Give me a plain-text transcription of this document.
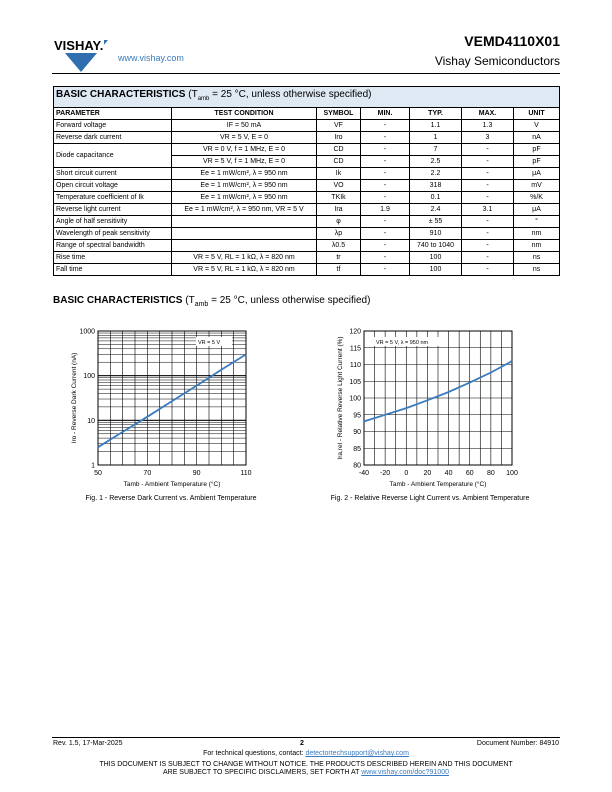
VISHAY.
www.vishay.com
VEMD4110X01
Vishay Semiconductors
BASIC CHARACTERISTICS ($T_{amb} = 25$ °C, unless otherwise specified)						
PARAMETER	TEST CONDITION	SYMBOL	MIN.	TYP.	MAX.	UNIT
Forward voltage	IF = 50 mA	VF	-	1.1	1.3	V
Reverse dark current	VR = 5 V, E = 0	Iro	-	1	3	nA
Diode capacitance	VR = 0 V, f = 1 MHz, E = 0	CD	-	7	-	pF
	VR = 5 V, f = 1 MHz, E = 0	CD	-	2.5	-	pF
Short circuit current	Ee = 1 mW/cm², λ = 950 nm	Ik	-	2.2	-	μA
Open circuit voltage	Ee = 1 mW/cm², λ = 950 nm	VO	-	318	-	mV
Temperature coefficient of Ik	Ee = 1 mW/cm², λ = 950 nm	TKIk	-	0.1	-	%/K
Reverse light current	Ee = 1 mW/cm², λ = 950 nm, VR = 5 V	Ira	1.9	2.4	3.1	μA
Angle of half sensitivity		φ	-	± 55	-	°
Wavelength of peak sensitivity		λp	-	910	-	nm
Range of spectral bandwidth		λ0.5	-	740 to 1040	-	nm
Rise time	VR = 5 V, RL = 1 kΩ, λ = 820 nm	tr	-	100	-	ns
Fall time	VR = 5 V, RL = 1 kΩ, λ = 820 nm	tf	-	100	-	ns
BASIC CHARACTERISTICS ($T_{amb} = 25$ °C, unless otherwise specified)
1
10
100
1000
50	70	90	110
Tamb - Ambient Temperature (°C)
Iro - Reverse Dark Current (nA)
VR = 5 V
Fig. 1 - Reverse Dark Current vs. Ambient Temperature
80
85
90
95
100
105
110
115
120
-40 -20 0 20 40 60 80 100
Tamb - Ambient Temperature (°C)
Ira,rel - Relative Reverse Light Current (%)	VR = 5 V, λ = 950 nm
Fig. 2 - Relative Reverse Light Current vs. Ambient Temperature
Rev. 1.5, 17-Mar-2025	2	Document Number: 84910
For technical questions, contact: detectortechsupport@vishay.com
THIS DOCUMENT IS SUBJECT TO CHANGE WITHOUT NOTICE. THE PRODUCTS DESCRIBED HEREIN AND THIS DOCUMENT
ARE SUBJECT TO SPECIFIC DISCLAIMERS, SET FORTH AT www.vishay.com/doc?91000
